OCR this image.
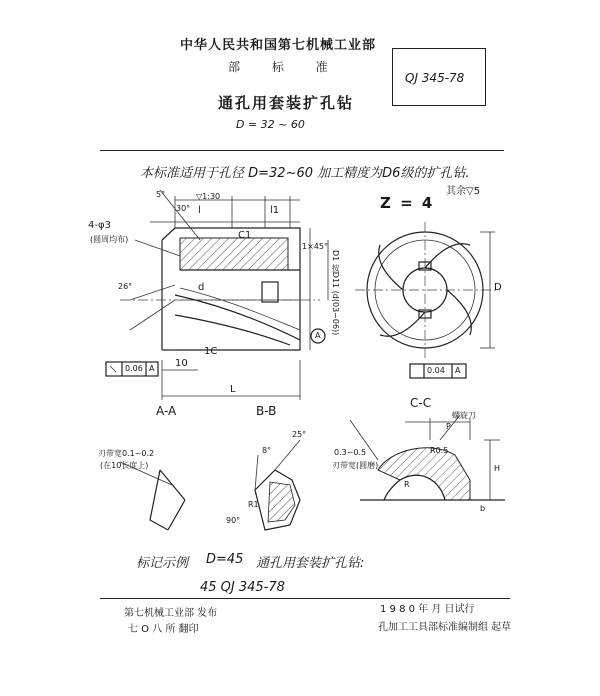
中华人民共和国第七机械工业部
部 标 准
QJ 345-78
通孔用套装扩孔钻
D = 32 ~ 60
本标准适用于孔径 D=32~60 加工精度为D6级的扩孔钻.
其余▽5
4-φ3
(圆周均布)
▽1:30
l	l1
C1
1×45°
5°
30°
26°	d	D1 按D11 (d(03~06))
A
0.06 A 10
1C
L
Z = 4
D
0.04 A
A-A
刃带宽0.1~0.2
(在10长度上)
B-B
8°
25°
R1
90°
C-C
螺旋刀
P
R0.5
H
0.3~0.5
刃带宽(圆磨)
R
b
标记示例 D=45 通孔用套装扩孔钻:
45 QJ 345-78
第七机械工业部 发布
七 O 八 所 翻印
1 9 8 0 年 月 日试行
孔加工工具部标准编制组 起草
